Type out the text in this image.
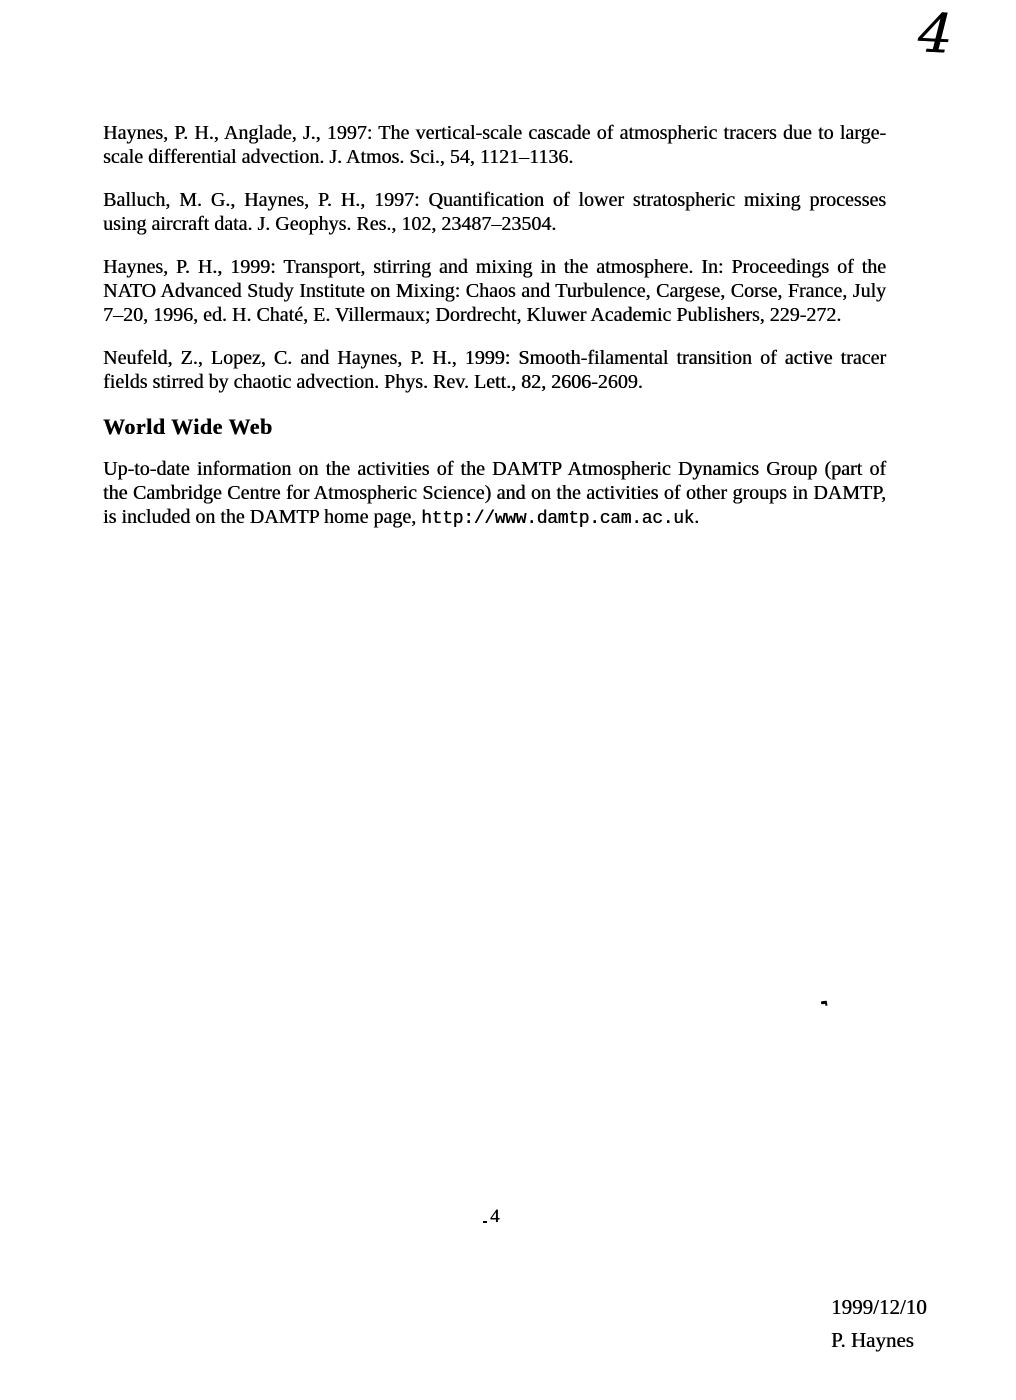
4

Haynes, P. H., Anglade, J., 1997: The vertical-scale cascade of atmospheric tracers due to large-scale differential advection. J. Atmos. Sci., 54, 1121–1136.

Balluch, M. G., Haynes, P. H., 1997: Quantification of lower stratospheric mixing processes using aircraft data. J. Geophys. Res., 102, 23487–23504.

Haynes, P. H., 1999: Transport, stirring and mixing in the atmosphere. In: Proceedings of the NATO Advanced Study Institute on Mixing: Chaos and Turbulence, Cargese, Corse, France, July 7–20, 1996, ed. H. Chaté, E. Villermaux; Dordrecht, Kluwer Academic Publishers, 229-272.

Neufeld, Z., Lopez, C. and Haynes, P. H., 1999: Smooth-filamental transition of active tracer fields stirred by chaotic advection. Phys. Rev. Lett., 82, 2606-2609.

World Wide Web

Up-to-date information on the activities of the DAMTP Atmospheric Dynamics Group (part of the Cambridge Centre for Atmospheric Science) and on the activities of other groups in DAMTP, is included on the DAMTP home page, http://www.damtp.cam.ac.uk.

4
1999/12/10
P. Haynes
